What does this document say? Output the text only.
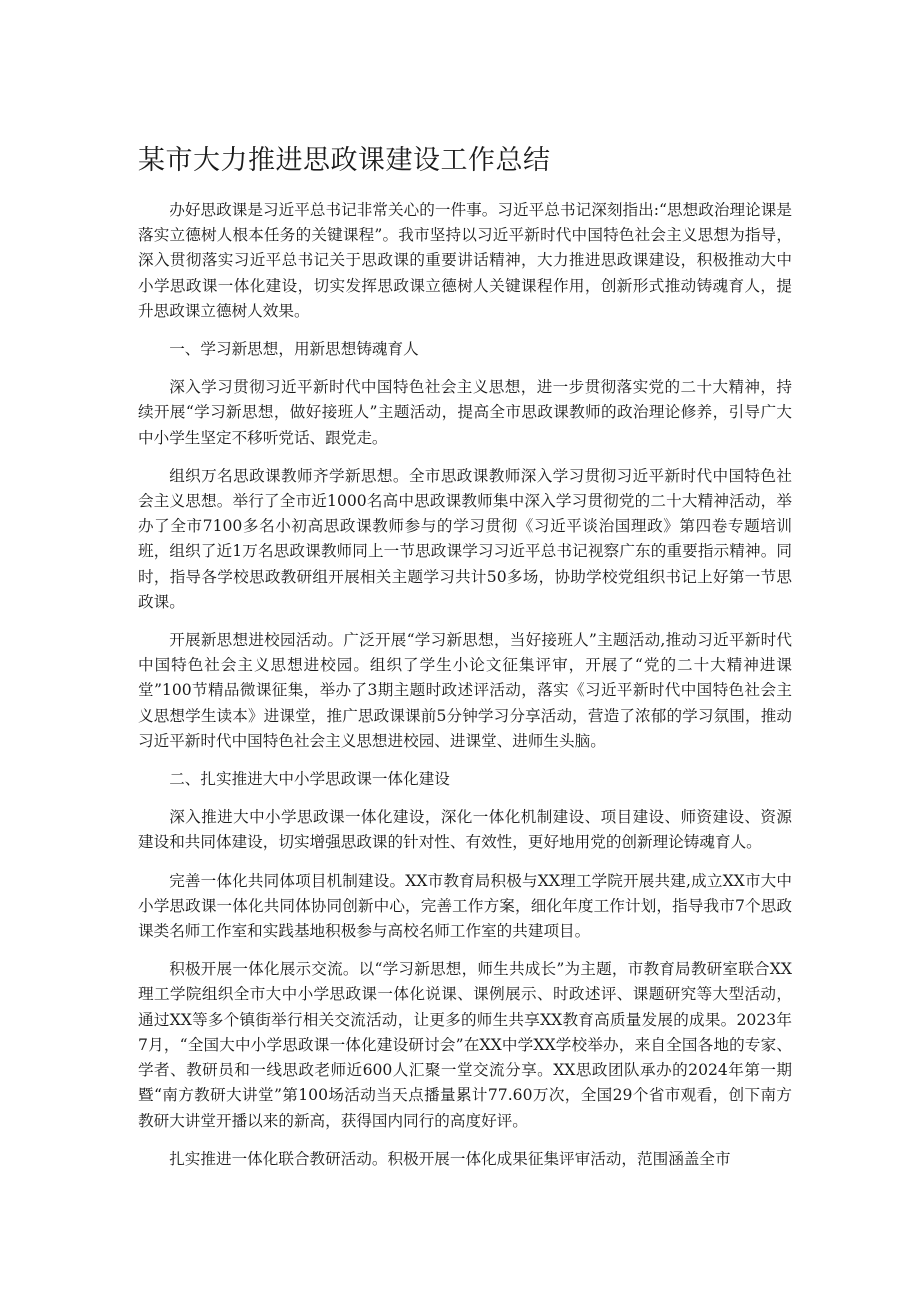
某市大力推进思政课建设工作总结

办好思政课是习近平总书记非常关心的一件事。习近平总书记深刻指出:“思想政治理论课是落实立德树人根本任务的关键课程”。我市坚持以习近平新时代中国特色社会主义思想为指导，深入贯彻落实习近平总书记关于思政课的重要讲话精神，大力推进思政课建设，积极推动大中小学思政课一体化建设，切实发挥思政课立德树人关键课程作用，创新形式推动铸魂育人，提升思政课立德树人效果。

一、学习新思想，用新思想铸魂育人

深入学习贯彻习近平新时代中国特色社会主义思想，进一步贯彻落实党的二十大精神，持续开展“学习新思想，做好接班人”主题活动，提高全市思政课教师的政治理论修养，引导广大中小学生坚定不移听党话、跟党走。

组织万名思政课教师齐学新思想。全市思政课教师深入学习贯彻习近平新时代中国特色社会主义思想。举行了全市近1000名高中思政课教师集中深入学习贯彻党的二十大精神活动，举办了全市7100多名小初高思政课教师参与的学习贯彻《习近平谈治国理政》第四卷专题培训班，组织了近1万名思政课教师同上一节思政课学习习近平总书记视察广东的重要指示精神。同时，指导各学校思政教研组开展相关主题学习共计50多场，协助学校党组织书记上好第一节思政课。

开展新思想进校园活动。广泛开展“学习新思想，当好接班人”主题活动,推动习近平新时代中国特色社会主义思想进校园。组织了学生小论文征集评审，开展了“党的二十大精神进课堂”100节精品微课征集，举办了3期主题时政述评活动，落实《习近平新时代中国特色社会主义思想学生读本》进课堂，推广思政课课前5分钟学习分享活动，营造了浓郁的学习氛围，推动习近平新时代中国特色社会主义思想进校园、进课堂、进师生头脑。

二、扎实推进大中小学思政课一体化建设

深入推进大中小学思政课一体化建设，深化一体化机制建设、项目建设、师资建设、资源建设和共同体建设，切实增强思政课的针对性、有效性，更好地用党的创新理论铸魂育人。

完善一体化共同体项目机制建设。XX市教育局积极与XX理工学院开展共建,成立XX市大中小学思政课一体化共同体协同创新中心，完善工作方案，细化年度工作计划，指导我市7个思政课类名师工作室和实践基地积极参与高校名师工作室的共建项目。

积极开展一体化展示交流。以“学习新思想，师生共成长”为主题，市教育局教研室联合XX理工学院组织全市大中小学思政课一体化说课、课例展示、时政述评、课题研究等大型活动，通过XX等多个镇街举行相关交流活动，让更多的师生共享XX教育高质量发展的成果。2023年7月，“全国大中小学思政课一体化建设研讨会”在XX中学XX学校举办，来自全国各地的专家、学者、教研员和一线思政老师近600人汇聚一堂交流分享。XX思政团队承办的2024年第一期暨“南方教研大讲堂”第100场活动当天点播量累计77.60万次，全国29个省市观看，创下南方教研大讲堂开播以来的新高，获得国内同行的高度好评。

扎实推进一体化联合教研活动。积极开展一体化成果征集评审活动，范围涵盖全市
